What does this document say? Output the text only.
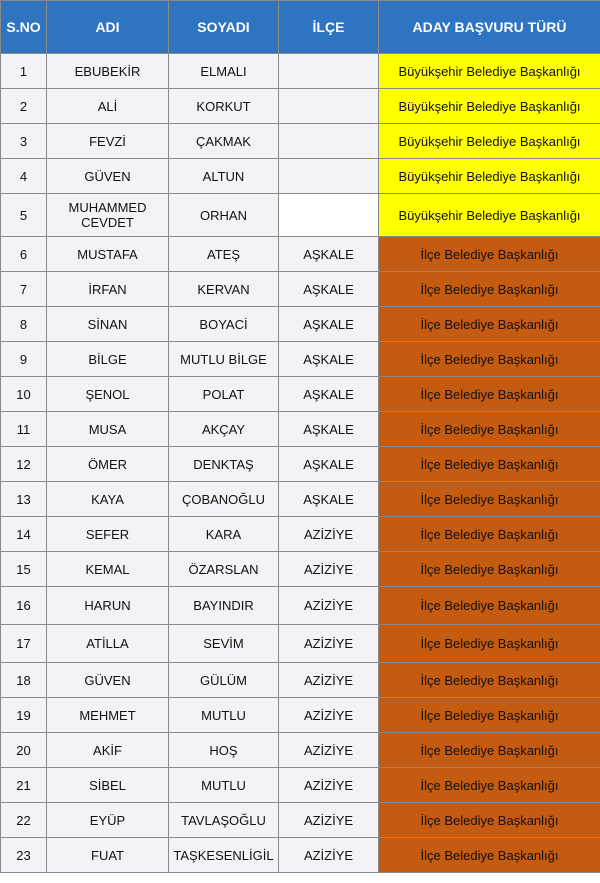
S.NO	ADI	SOYADI	İLÇE	ADAY BAŞVURU TÜRÜ
1	EBUBEKİR	ELMALI		Büyükşehir Belediye Başkanlığı
2	ALİ	KORKUT		Büyükşehir Belediye Başkanlığı
3	FEVZİ	ÇAKMAK		Büyükşehir Belediye Başkanlığı
4	GÜVEN	ALTUN		Büyükşehir Belediye Başkanlığı
5	MUHAMMED CEVDET	ORHAN		Büyükşehir Belediye Başkanlığı
6	MUSTAFA	ATEŞ	AŞKALE	İlçe Belediye Başkanlığı
7	İRFAN	KERVAN	AŞKALE	İlçe Belediye Başkanlığı
8	SİNAN	BOYACİ	AŞKALE	İlçe Belediye Başkanlığı
9	BİLGE	MUTLU BİLGE	AŞKALE	İlçe Belediye Başkanlığı
10	ŞENOL	POLAT	AŞKALE	İlçe Belediye Başkanlığı
11	MUSA	AKÇAY	AŞKALE	İlçe Belediye Başkanlığı
12	ÖMER	DENKTAŞ	AŞKALE	İlçe Belediye Başkanlığı
13	KAYA	ÇOBANOĞLU	AŞKALE	İlçe Belediye Başkanlığı
14	SEFER	KARA	AZİZİYE	İlçe Belediye Başkanlığı
15	KEMAL	ÖZARSLAN	AZİZİYE	İlçe Belediye Başkanlığı
16	HARUN	BAYINDIR	AZİZİYE	İlçe Belediye Başkanlığı
17	ATİLLA	SEVİM	AZİZİYE	İlçe Belediye Başkanlığı
18	GÜVEN	GÜLÜM	AZİZİYE	İlçe Belediye Başkanlığı
19	MEHMET	MUTLU	AZİZİYE	İlçe Belediye Başkanlığı
20	AKİF	HOŞ	AZİZİYE	İlçe Belediye Başkanlığı
21	SİBEL	MUTLU	AZİZİYE	İlçe Belediye Başkanlığı
22	EYÜP	TAVLAŞOĞLU	AZİZİYE	İlçe Belediye Başkanlığı
23	FUAT	TAŞKESENLİGİL	AZİZİYE	İlçe Belediye Başkanlığı
